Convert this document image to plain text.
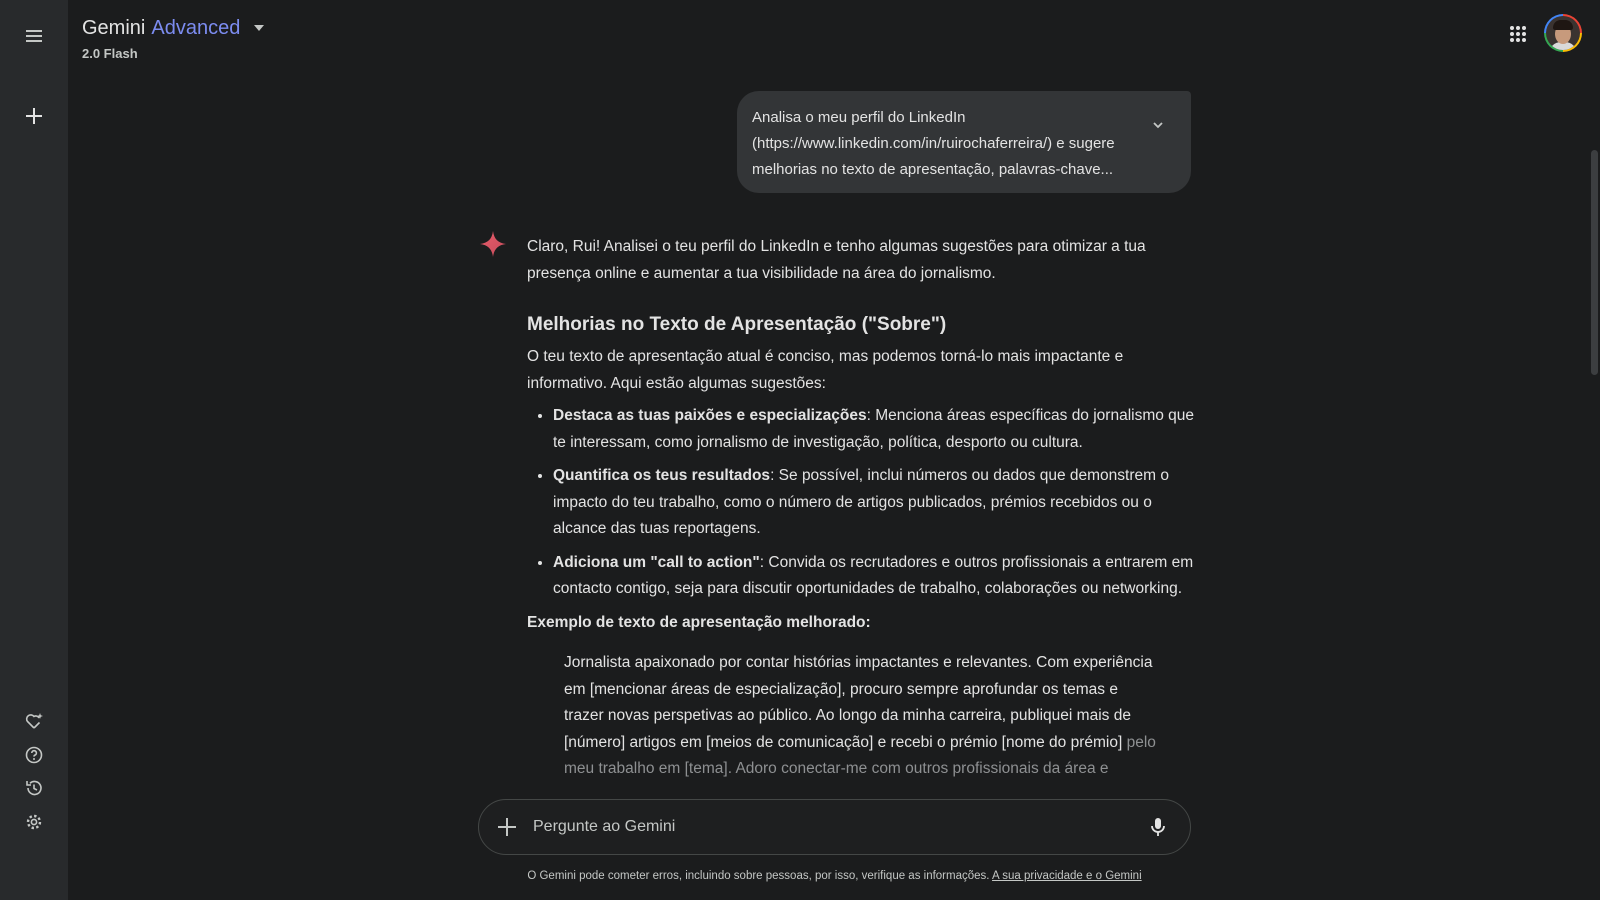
Gemini Advanced
2.0 Flash
Analisa o meu perfil do LinkedIn (https://www.linkedin.com/in/ruirochaferreira/) e sugere melhorias no texto de apresentação, palavras-chave...

Claro, Rui! Analisei o teu perfil do LinkedIn e tenho algumas sugestões para otimizar a tua presença online e aumentar a tua visibilidade na área do jornalismo.

Melhorias no Texto de Apresentação ("Sobre")

O teu texto de apresentação atual é conciso, mas podemos torná-lo mais impactante e informativo. Aqui estão algumas sugestões:

• Destaca as tuas paixões e especializações: Menciona áreas específicas do jornalismo que te interessam, como jornalismo de investigação, política, desporto ou cultura.
• Quantifica os teus resultados: Se possível, inclui números ou dados que demonstrem o impacto do teu trabalho, como o número de artigos publicados, prémios recebidos ou o alcance das tuas reportagens.
• Adiciona um "call to action": Convida os recrutadores e outros profissionais a entrarem em contacto contigo, seja para discutir oportunidades de trabalho, colaborações ou networking.

Exemplo de texto de apresentação melhorado:

Jornalista apaixonado por contar histórias impactantes e relevantes. Com experiência em [mencionar áreas de especialização], procuro sempre aprofundar os temas e trazer novas perspetivas ao público. Ao longo da minha carreira, publiquei mais de [número] artigos em [meios de comunicação] e recebi o prémio [nome do prémio] pelo meu trabalho em [tema]. Adoro conectar-me com outros profissionais da área e
Pergunte ao Gemini
O Gemini pode cometer erros, incluindo sobre pessoas, por isso, verifique as informações. A sua privacidade e o Gemini
